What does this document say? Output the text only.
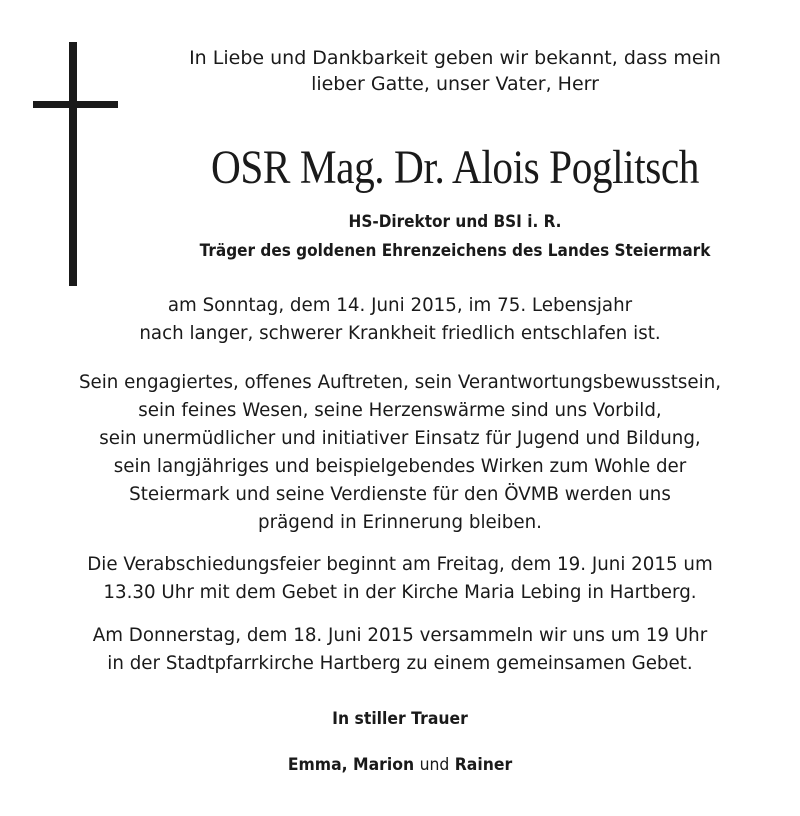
In Liebe und Dankbarkeit geben wir bekannt, dass mein
lieber Gatte, unser Vater, Herr
OSR Mag. Dr. Alois Poglitsch
HS-Direktor und BSI i. R.
Träger des goldenen Ehrenzeichens des Landes Steiermark
am Sonntag, dem 14. Juni 2015, im 75. Lebensjahr
nach langer, schwerer Krankheit friedlich entschlafen ist.
Sein engagiertes, offenes Auftreten, sein Verantwortungsbewusstsein,
sein feines Wesen, seine Herzenswärme sind uns Vorbild,
sein unermüdlicher und initiativer Einsatz für Jugend und Bildung,
sein langjähriges und beispielgebendes Wirken zum Wohle der
Steiermark und seine Verdienste für den ÖVMB werden uns
prägend in Erinnerung bleiben.
Die Verabschiedungsfeier beginnt am Freitag, dem 19. Juni 2015 um
13.30 Uhr mit dem Gebet in der Kirche Maria Lebing in Hartberg.
Am Donnerstag, dem 18. Juni 2015 versammeln wir uns um 19 Uhr
in der Stadtpfarrkirche Hartberg zu einem gemeinsamen Gebet.
In stiller Trauer
Emma, Marion und Rainer
